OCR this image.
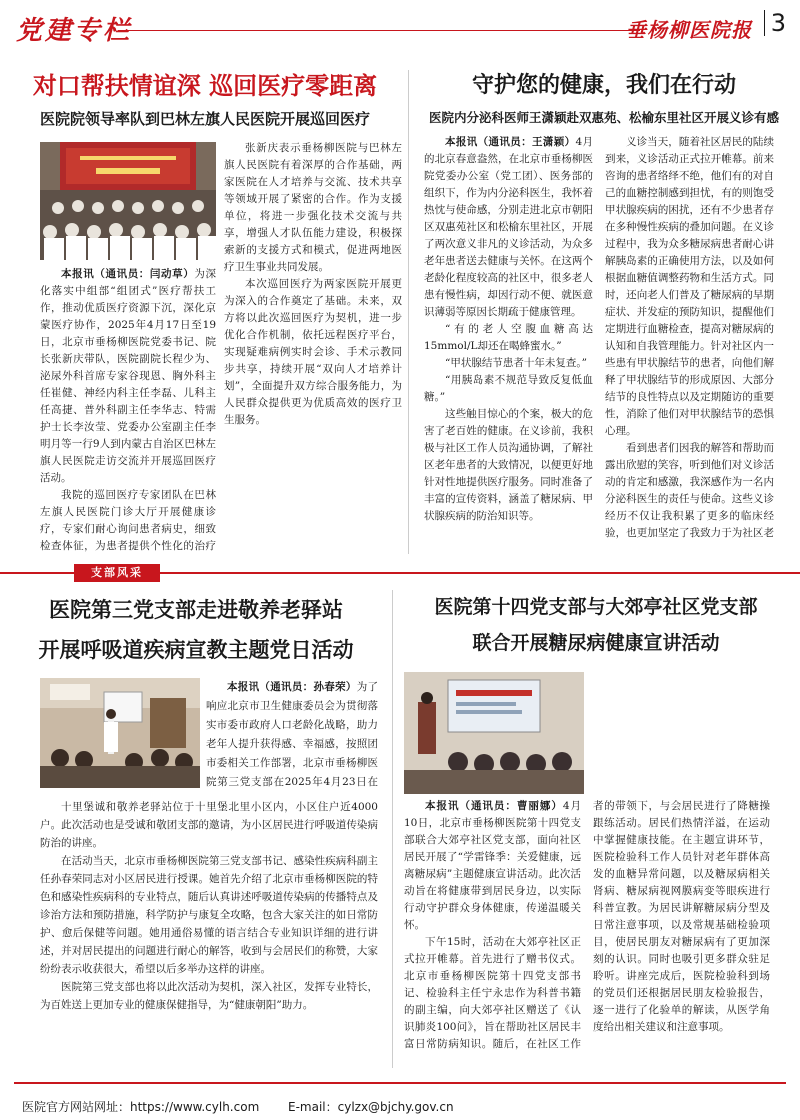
党建专栏	垂杨柳医院报 3
对口帮扶情谊深 巡回医疗零距离
医院院领导率队到巴林左旗人民医院开展巡回医疗

本报讯（通讯员：闫动草）为深化落实中组部“组团式”医疗帮扶工作，推动优质医疗资源下沉，深化京蒙医疗协作，2025年4月17日至19日，北京市垂杨柳医院党委书记、院长张新庆带队，医院副院长程少为、泌尿外科首席专家谷现恩、胸外科主任崔健、神经内科主任李磊、儿科主任高捷、普外科副主任李华志、特需护士长李汝莹、党委办公室副主任李明月等一行9人到内蒙古自治区巴林左旗人民医院走访交流并开展巡回医疗活动。

我院的巡回医疗专家团队在巴林左旗人民医院门诊大厅开展健康诊疗，专家们耐心询问患者病史，细致检查体征，为患者提供个性化的治疗

张新庆表示垂杨柳医院与巴林左旗人民医院有着深厚的合作基础，两家医院在人才培养与交流、技术共享等领域开展了紧密的合作。作为支援单位，将进一步强化技术交流与共享，增强人才队伍能力建设，积极探索新的支援方式和模式，促进两地医疗卫生事业共同发展。

本次巡回医疗为两家医院开展更为深入的合作奠定了基础。未来，双方将以此次巡回医疗为契机，进一步优化合作机制，依托远程医疗平台，实现疑难病例实时会诊、手术示教同步共享，持续开展“双向人才培养计划”，全面提升双方综合服务能力，为人民群众提供更为优质高效的医疗卫生服务。

守护您的健康，我们在行动
医院内分泌科医师王潇颖赴双惠苑、松榆东里社区开展义诊有感

本报讯（通讯员：王潇颖）4月的北京春意盎然，在北京市垂杨柳医院党委办公室（党工团）、医务部的组织下，作为内分泌科医生，我怀着热忱与使命感，分别走进北京市朝阳区双惠苑社区和松榆东里社区，开展了两次意义非凡的义诊活动，为众多老年患者送去健康与关怀。在这两个老龄化程度较高的社区中，很多老人患有慢性病，却因行动不便、就医意识薄弱等原因长期疏于健康管理。

“有的老人空腹血糖高达15mmol/L却还在喝蜂蜜水。”

“甲状腺结节患者十年未复查。”

“用胰岛素不规范导致反复低血糖。”

这些触目惊心的个案，极大的危害了老百姓的健康。在义诊前，我积极与社区工作人员沟通协调，了解社区老年患者的大致情况，以便更好地针对性地提供医疗服务。同时准备了丰富的宣传资料，涵盖了糖尿病、甲状腺疾病的防治知识等。

义诊当天，随着社区居民的陆续到来，义诊活动正式拉开帷幕。前来咨询的患者络绎不绝，他们有的对自己的血糖控制感到担忧，有的则饱受甲状腺疾病的困扰，还有不少患者存在多种慢性疾病的叠加问题。在义诊过程中，我为众多糖尿病患者耐心讲解胰岛素的正确使用方法，以及如何根据血糖值调整药物和生活方式。同时，还向老人们普及了糖尿病的早期症状、并发症的预防知识，提醒他们定期进行血糖检查，提高对糖尿病的认知和自我管理能力。针对社区内一些患有甲状腺结节的患者，向他们解释了甲状腺结节的形成原因、大部分结节的良性特点以及定期随访的重要性，消除了他们对甲状腺结节的恐惧心理。

看到患者们因我的解答和帮助而露出欣慰的笑容，听到他们对义诊活动的肯定和感激，我深感作为一名内分泌科医生的责任与使命。这些义诊经历不仅让我积累了更多的临床经验，也更加坚定了我致力于为社区老

支部风采
医院第三党支部走进敬养老驿站
开展呼吸道疾病宣教主题党日活动

本报讯（通讯员：孙春荣）为了响应北京市卫生健康委员会为贯彻落实市委市政府人口老龄化战略，助力老年人提升获得感、幸福感，按照团市委相关工作部署，北京市垂杨柳医院第三党支部在2025年4月23日在

十里堡诚和敬养老驿站位于十里堡北里小区内，小区住户近4000户。此次活动也是受诚和敬团支部的邀请，为小区居民进行呼吸道传染病防治的讲座。

在活动当天，北京市垂杨柳医院第三党支部书记、感染性疾病科副主任孙春荣同志对小区居民进行授课。她首先介绍了北京市垂杨柳医院的特色和感染性疾病科的专业特点，随后认真讲述呼吸道传染病的传播特点及诊治方法和预防措施，科学防护与康复全攻略，包含大家关注的如日常防护、愈后保健等问题。她用通俗易懂的语言结合专业知识详细的进行讲述，并对居民提出的问题进行耐心的解答，收到与会居民们的称赞，大家纷纷表示收获很大，希望以后多举办这样的讲座。

医院第三党支部也将以此次活动为契机，深入社区，发挥专业特长，为百姓送上更加专业的健康保健指导，为“健康朝阳”助力。

医院第十四党支部与大郊亭社区党支部
联合开展糖尿病健康宣讲活动

本报讯（通讯员：曹丽娜）4月10日，北京市垂杨柳医院第十四党支部联合大郊亭社区党支部，面向社区居民开展了“学雷锋季：关爱健康，远离糖尿病”主题健康宣讲活动。此次活动旨在将健康带到居民身边，以实际行动守护群众身体健康，传递温暖关怀。

下午15时，活动在大郊亭社区正式拉开帷幕。首先进行了赠书仪式。北京市垂杨柳医院第十四党支部书记、检验科主任宁永忠作为科普书籍的副主编，向大郊亭社区赠送了《认识肺炎100问》，旨在帮助社区居民丰富日常防病知识。随后，在社区工作者的带领下，与会居民进行了降糖操跟练活动。居民们热情洋溢，在运动中掌握健康技能。在主题宣讲环节，医院检验科工作人员针对老年群体高发的血糖异常问题，以及糖尿病相关肾病、糖尿病视网膜病变等眼疾进行科普宣教。为居民讲解糖尿病分型及日常注意事项，以及常规基础检验项目，使居民朋友对糖尿病有了更加深刻的认识。同时也吸引更多群众驻足聆听。讲座完成后，医院检验科到场的党员们还根据居民朋友检验报告，逐一进行了化验单的解读，从医学角度给出相关建议和注意事项。

医院官方网站网址：https://www.cylh.com E-mail：cylzx@bjchy.gov.cn
